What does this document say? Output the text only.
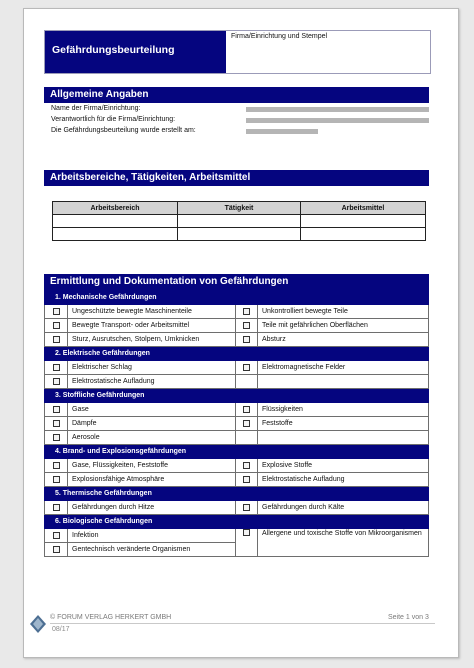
Gefährdungsbeurteilung
Firma/Einrichtung und Stempel
Allgemeine Angaben
Name der Firma/Einrichtung:
Verantwortlich für die Firma/Einrichtung:
Die Gefährdungsbeurteilung wurde erstellt am:
Arbeitsbereiche, Tätigkeiten, Arbeitsmittel
Arbeitsbereich	Tätigkeit	Arbeitsmittel

Ermittlung und Dokumentation von Gefährdungen
1. Mechanische Gefährdungen			
	Ungeschützte bewegte Maschinenteile		Unkontrolliert bewegte Teile
	Bewegte Transport- oder Arbeitsmittel		Teile mit gefährlichen Oberflächen
	Sturz, Ausrutschen, Stolpern, Umknicken		Absturz
2. Elektrische Gefährdungen			
	Elektrischer Schlag		Elektromagnetische Felder
	Elektrostatische Aufladung		
3. Stoffliche Gefährdungen			
	Gase		Flüssigkeiten
	Dämpfe		Feststoffe
	Aerosole		
4. Brand- und Explosionsgefährdungen			
	Gase, Flüssigkeiten, Feststoffe		Explosive Stoffe
	Explosionsfähige Atmosphäre		Elektrostatische Aufladung
5. Thermische Gefährdungen			
	Gefährdungen durch Hitze		Gefährdungen durch Kälte
6. Biologische Gefährdungen			
	Infektion		Allergene und toxische Stoffe von Mikroorganismen
	Gentechnisch veränderte Organismen		
© FORUM VERLAG HERKERT GMBH
08/17
Seite 1 von 3
